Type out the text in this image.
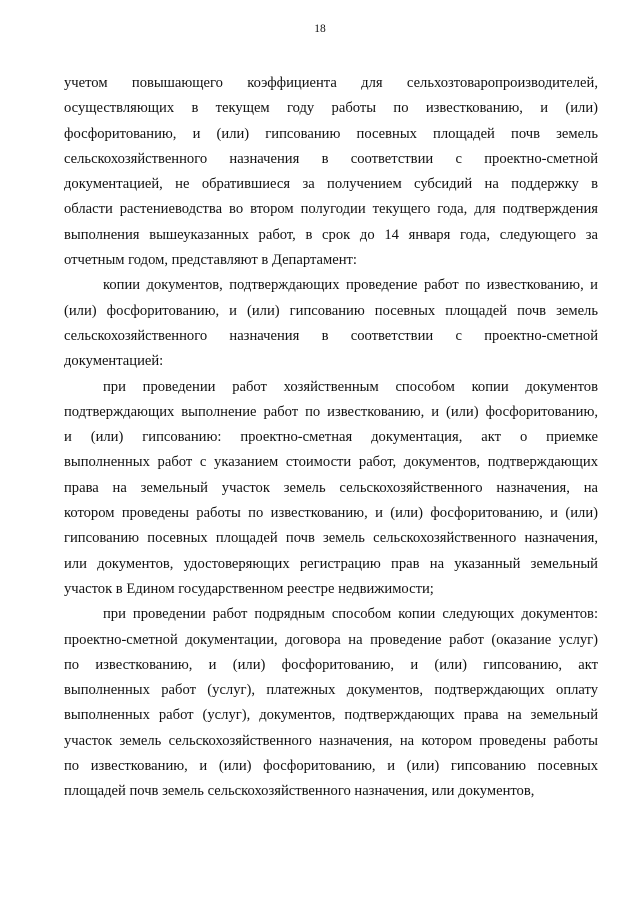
18
учетом повышающего коэффициента для сельхозтоваропроизводителей,
осуществляющих в текущем году работы по известкованию, и (или)
фосфоритованию, и (или) гипсованию посевных площадей почв земель
сельскохозяйственного назначения в соответствии с проектно-сметной
документацией, не обратившиеся за получением субсидий на поддержку в
области растениеводства во втором полугодии текущего года, для подтверждения
выполнения вышеуказанных работ, в срок до 14 января года, следующего за
отчетным годом, представляют в Департамент:
копии документов, подтверждающих проведение работ по известкованию, и
(или) фосфоритованию, и (или) гипсованию посевных площадей почв земель
сельскохозяйственного назначения в соответствии с проектно-сметной
документацией:
при проведении работ хозяйственным способом копии документов
подтверждающих выполнение работ по известкованию, и (или) фосфоритованию,
и (или) гипсованию: проектно-сметная документация, акт о приемке
выполненных работ с указанием стоимости работ, документов, подтверждающих
права на земельный участок земель сельскохозяйственного назначения, на
котором проведены работы по известкованию, и (или) фосфоритованию, и (или)
гипсованию посевных площадей почв земель сельскохозяйственного назначения,
или документов, удостоверяющих регистрацию прав на указанный земельный
участок в Едином государственном реестре недвижимости;
при проведении работ подрядным способом копии следующих документов:
проектно-сметной документации, договора на проведение работ (оказание услуг)
по известкованию, и (или) фосфоритованию, и (или) гипсованию, акт
выполненных работ (услуг), платежных документов, подтверждающих оплату
выполненных работ (услуг), документов, подтверждающих права на земельный
участок земель сельскохозяйственного назначения, на котором проведены работы
по известкованию, и (или) фосфоритованию, и (или) гипсованию посевных
площадей почв земель сельскохозяйственного назначения, или документов,
